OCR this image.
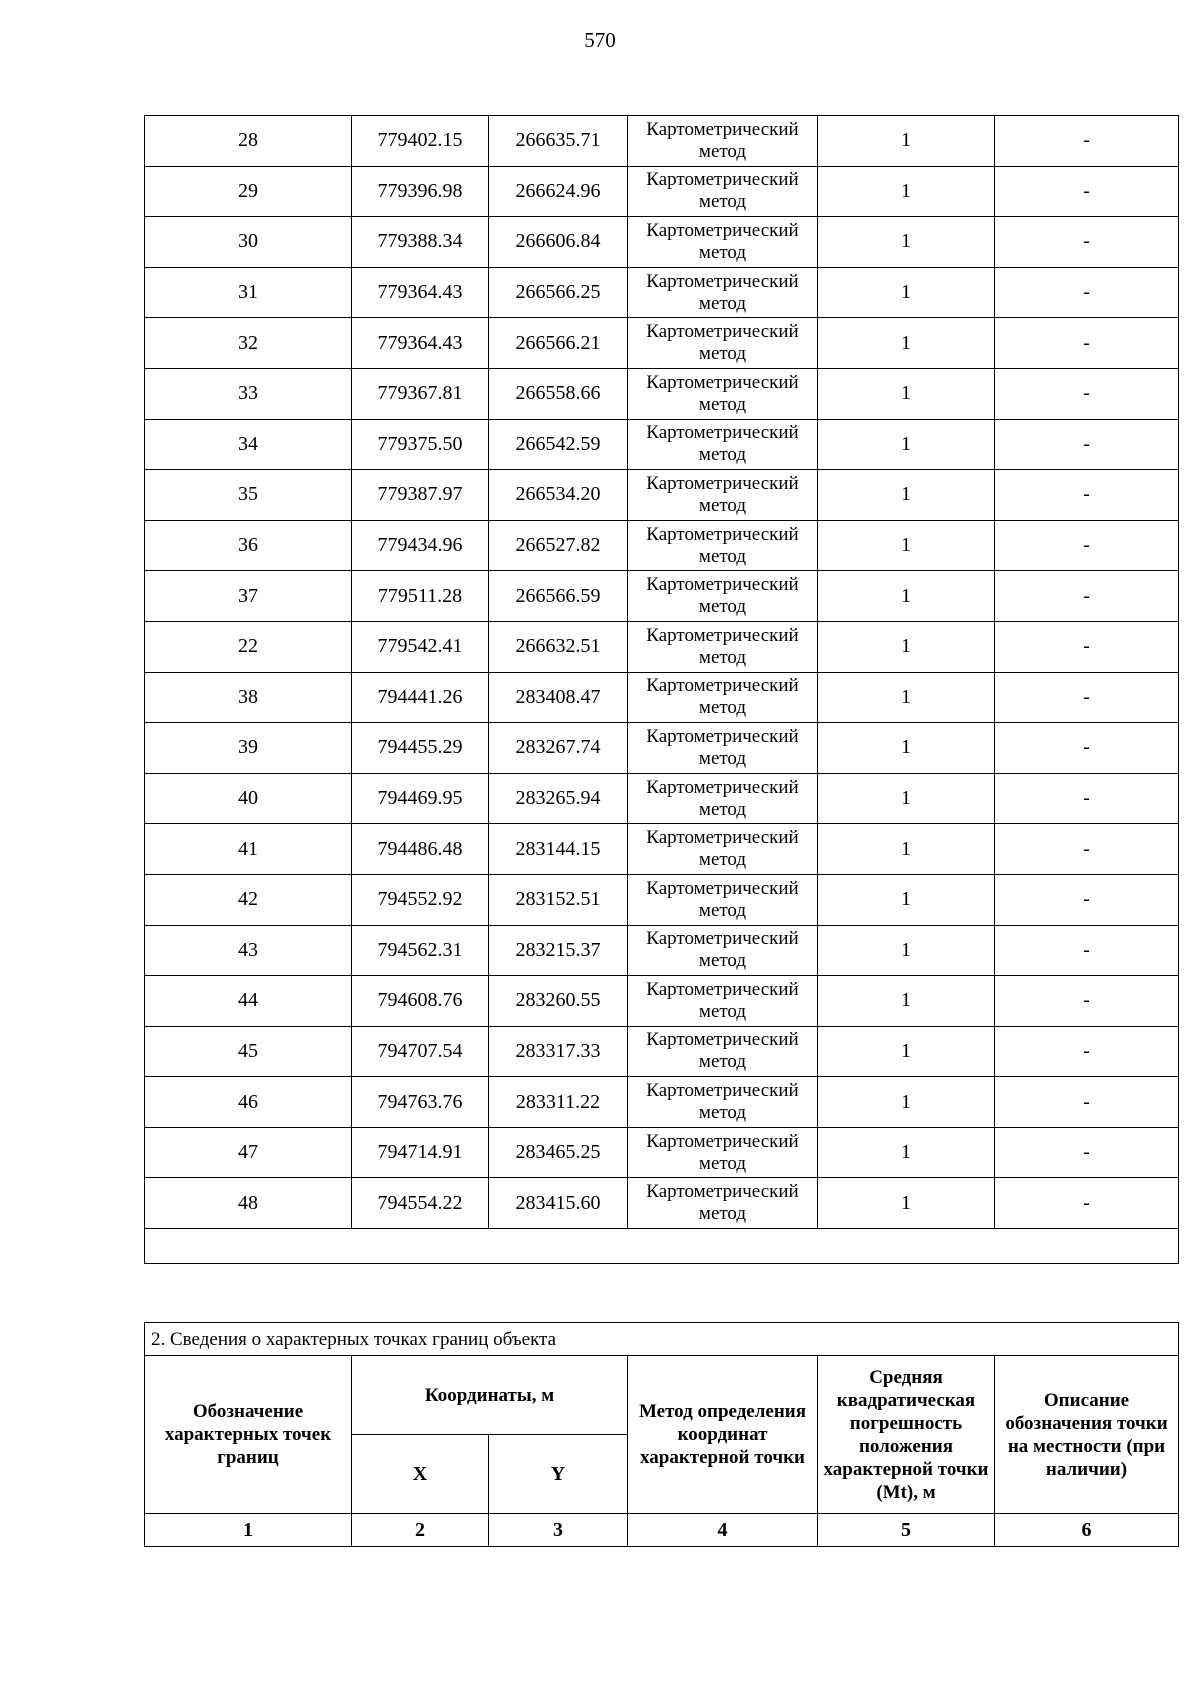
570
28	779402.15	266635.71	Картометрический метод	1	-
29	779396.98	266624.96	Картометрический метод	1	-
30	779388.34	266606.84	Картометрический метод	1	-
31	779364.43	266566.25	Картометрический метод	1	-
32	779364.43	266566.21	Картометрический метод	1	-
33	779367.81	266558.66	Картометрический метод	1	-
34	779375.50	266542.59	Картометрический метод	1	-
35	779387.97	266534.20	Картометрический метод	1	-
36	779434.96	266527.82	Картометрический метод	1	-
37	779511.28	266566.59	Картометрический метод	1	-
22	779542.41	266632.51	Картометрический метод	1	-
38	794441.26	283408.47	Картометрический метод	1	-
39	794455.29	283267.74	Картометрический метод	1	-
40	794469.95	283265.94	Картометрический метод	1	-
41	794486.48	283144.15	Картометрический метод	1	-
42	794552.92	283152.51	Картометрический метод	1	-
43	794562.31	283215.37	Картометрический метод	1	-
44	794608.76	283260.55	Картометрический метод	1	-
45	794707.54	283317.33	Картометрический метод	1	-
46	794763.76	283311.22	Картометрический метод	1	-
47	794714.91	283465.25	Картометрический метод	1	-
48	794554.22	283415.60	Картометрический метод	1	-

2. Сведения о характерных точках границ объекта					
Обозначение характерных точек границ	Координаты, м		Метод определения координат характерной точки	Средняя квадратическая погрешность положения характерной точки (Mt), м	Описание обозначения точки на местности (при наличии)
	X	Y			
1	2	3	4	5	6
